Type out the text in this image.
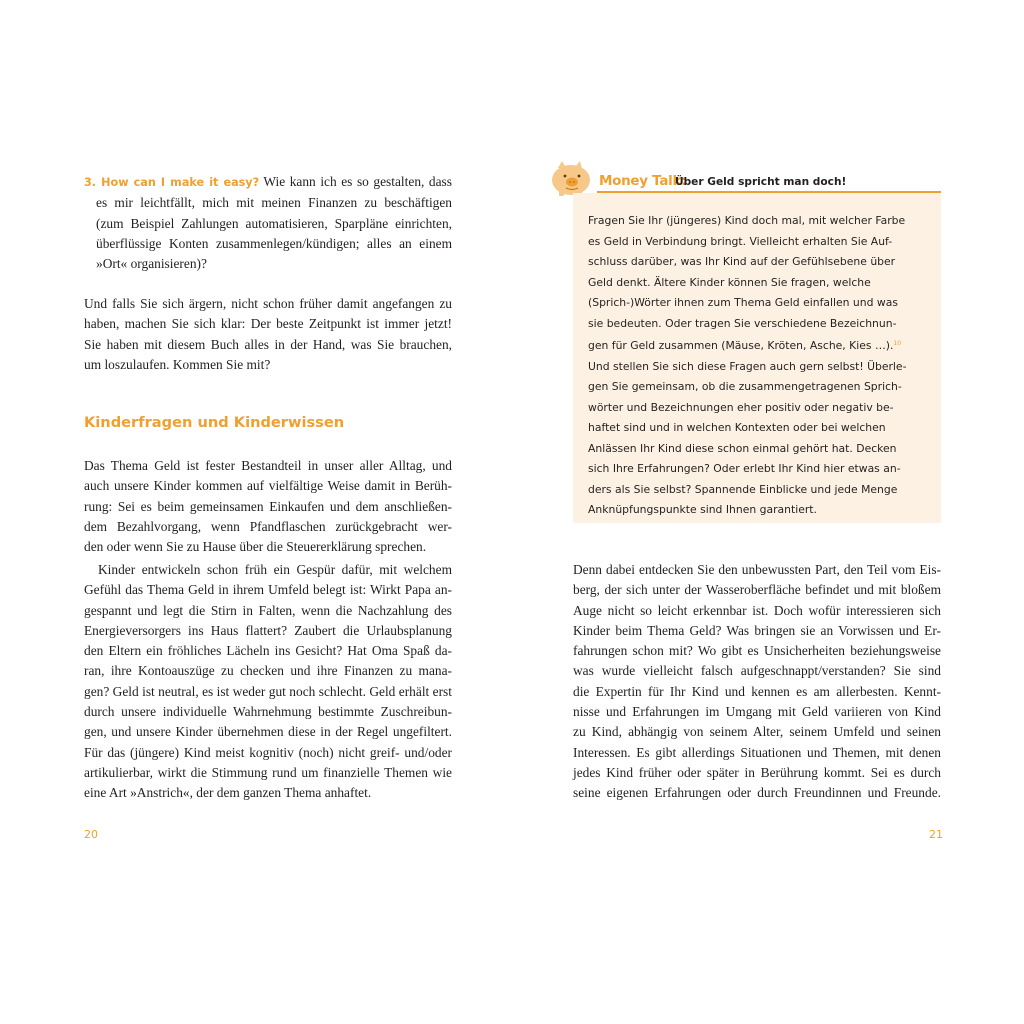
3. How can I make it easy? Wie kann ich es so gestalten, dass
es mir leichtfällt, mich mit meinen Finanzen zu beschäftigen
(zum Beispiel Zahlungen automatisieren, Sparpläne einrichten,
überflüssige Konten zusammenlegen/kündigen; alles an einem
»Ort« organisieren)?
Und falls Sie sich ärgern, nicht schon früher damit angefangen zu
haben, machen Sie sich klar: Der beste Zeitpunkt ist immer jetzt!
Sie haben mit diesem Buch alles in der Hand, was Sie brauchen,
um loszulaufen. Kommen Sie mit?
Kinderfragen und Kinderwissen
Das Thema Geld ist fester Bestandteil in unser aller Alltag, und
auch unsere Kinder kommen auf vielfältige Weise damit in Berüh-
rung: Sei es beim gemeinsamen Einkaufen und dem anschließen-
dem Bezahlvorgang, wenn Pfandflaschen zurückgebracht wer-
den oder wenn Sie zu Hause über die Steuererklärung sprechen.
Kinder entwickeln schon früh ein Gespür dafür, mit welchem
Gefühl das Thema Geld in ihrem Umfeld belegt ist: Wirkt Papa an-
gespannt und legt die Stirn in Falten, wenn die Nachzahlung des
Energieversorgers ins Haus flattert? Zaubert die Urlaubsplanung
den Eltern ein fröhliches Lächeln ins Gesicht? Hat Oma Spaß da-
ran, ihre Kontoauszüge zu checken und ihre Finanzen zu mana-
gen? Geld ist neutral, es ist weder gut noch schlecht. Geld erhält erst
durch unsere individuelle Wahrnehmung bestimmte Zuschreibun-
gen, und unsere Kinder übernehmen diese in der Regel ungefiltert.
Für das (jüngere) Kind meist kognitiv (noch) nicht greif- und/oder
artikulierbar, wirkt die Stimmung rund um finanzielle Themen wie
eine Art »Anstrich«, der dem ganzen Thema anhaftet.
20
Money Talk:
Über Geld spricht man doch!
Fragen Sie Ihr (jüngeres) Kind doch mal, mit welcher Farbe
es Geld in Verbindung bringt. Vielleicht erhalten Sie Auf-
schluss darüber, was Ihr Kind auf der Gefühlsebene über
Geld denkt. Ältere Kinder können Sie fragen, welche
(Sprich-)Wörter ihnen zum Thema Geld einfallen und was
sie bedeuten. Oder tragen Sie verschiedene Bezeichnun-
gen für Geld zusammen (Mäuse, Kröten, Asche, Kies …).$^{10}$
Und stellen Sie sich diese Fragen auch gern selbst! Überle-
gen Sie gemeinsam, ob die zusammengetragenen Sprich-
wörter und Bezeichnungen eher positiv oder negativ be-
haftet sind und in welchen Kontexten oder bei welchen
Anlässen Ihr Kind diese schon einmal gehört hat. Decken
sich Ihre Erfahrungen? Oder erlebt Ihr Kind hier etwas an-
ders als Sie selbst? Spannende Einblicke und jede Menge
Anknüpfungspunkte sind Ihnen garantiert.
Denn dabei entdecken Sie den unbewussten Part, den Teil vom Eis-
berg, der sich unter der Wasseroberfläche befindet und mit bloßem
Auge nicht so leicht erkennbar ist. Doch wofür interessieren sich
Kinder beim Thema Geld? Was bringen sie an Vorwissen und Er-
fahrungen schon mit? Wo gibt es Unsicherheiten beziehungsweise
was wurde vielleicht falsch aufgeschnappt/verstanden? Sie sind
die Expertin für Ihr Kind und kennen es am allerbesten. Kennt-
nisse und Erfahrungen im Umgang mit Geld variieren von Kind
zu Kind, abhängig von seinem Alter, seinem Umfeld und seinen
Interessen. Es gibt allerdings Situationen und Themen, mit denen
jedes Kind früher oder später in Berührung kommt. Sei es durch
seine eigenen Erfahrungen oder durch Freundinnen und Freunde.
21
